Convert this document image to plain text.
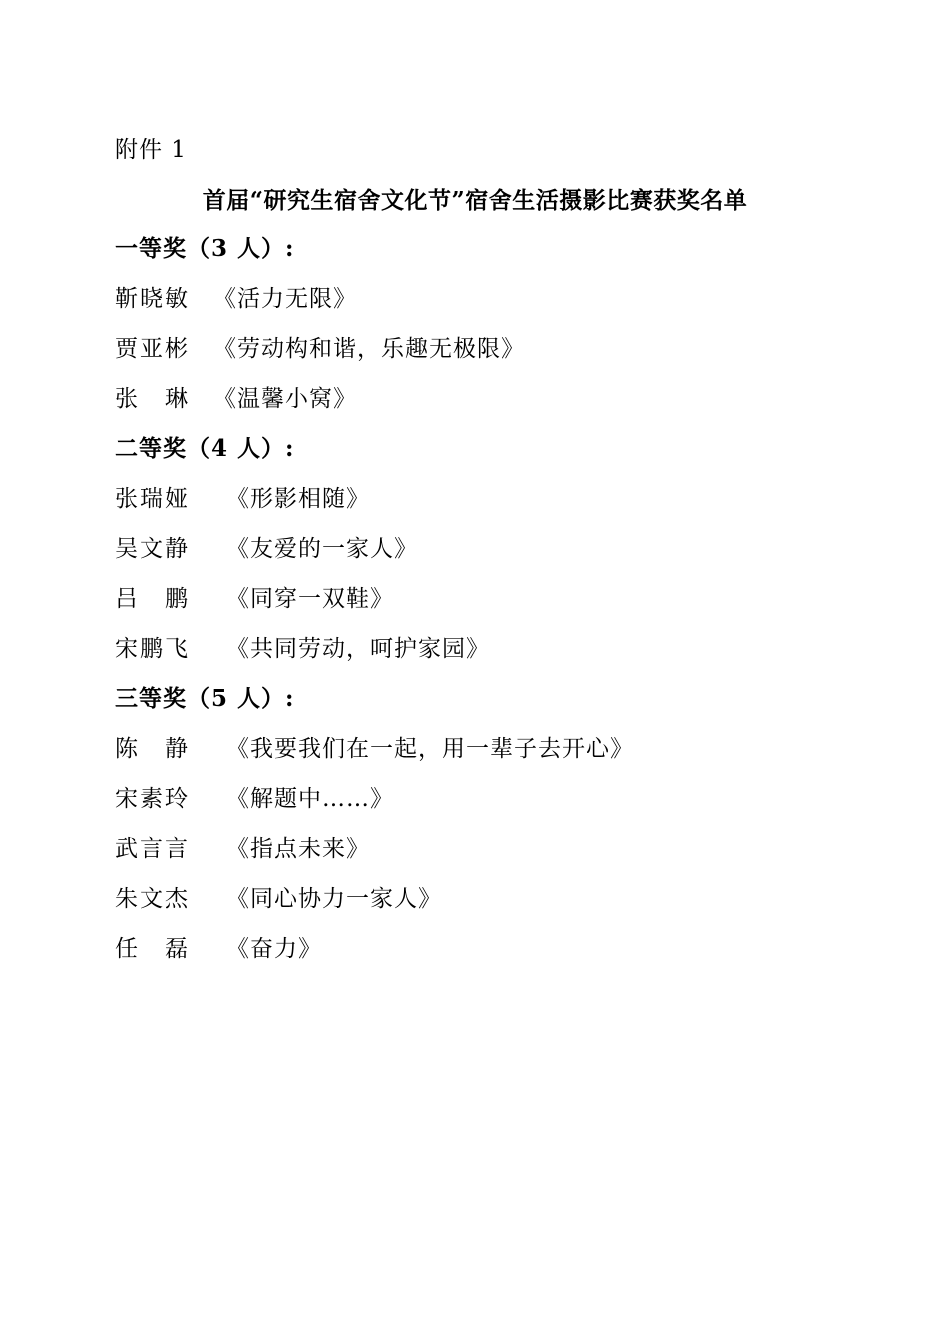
附件 1
首届“研究生宿舍文化节”宿舍生活摄影比赛获奖名单
一等奖（3 人）:
靳晓敏 《活力无限》
贾亚彬 《劳动构和谐，乐趣无极限》
张　琳 《温馨小窝》
二等奖（4 人）:
张瑞娅 《形影相随》
吴文静 《友爱的一家人》
吕　鹏 《同穿一双鞋》
宋鹏飞 《共同劳动，呵护家园》
三等奖（5 人）:
陈　静 《我要我们在一起，用一辈子去开心》
宋素玲 《解题中……》
武言言 《指点未来》
朱文杰 《同心协力一家人》
任　磊 《奋力》
